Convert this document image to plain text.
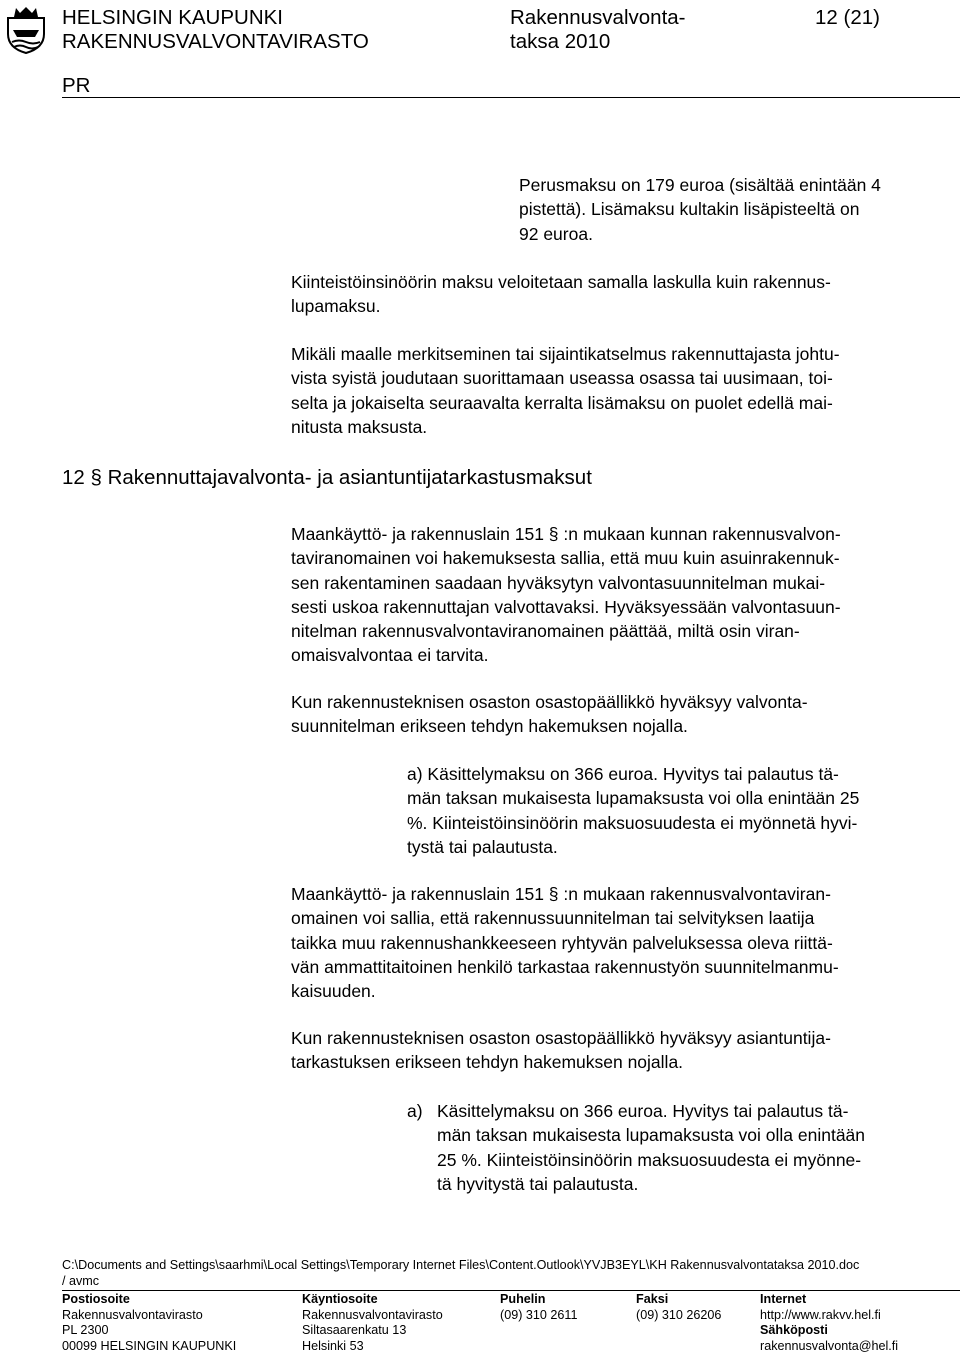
HELSINGIN KAUPUNKI
RAKENNUSVALVONTAVIRASTO
Rakennusvalvonta-
taksa 2010
12 (21)
PR
Perusmaksu on 179 euroa (sisältää enintään 4
pistettä). Lisämaksu kultakin lisäpisteeltä on
92 euroa.
Kiinteistöinsinöörin maksu veloitetaan samalla laskulla kuin rakennus-
lupamaksu.
Mikäli maalle merkitseminen tai sijaintikatselmus rakennuttajasta johtu-
vista syistä joudutaan suorittamaan useassa osassa tai uusimaan, toi-
selta ja jokaiselta seuraavalta kerralta lisämaksu on puolet edellä mai-
nitusta maksusta.
12 § Rakennuttajavalvonta- ja asiantuntijatarkastusmaksut
Maankäyttö- ja rakennuslain 151 § :n mukaan kunnan rakennusvalvon-
taviranomainen voi hakemuksesta sallia, että muu kuin asuinrakennuk-
sen rakentaminen saadaan hyväksytyn valvontasuunnitelman mukai-
sesti uskoa rakennuttajan valvottavaksi. Hyväksyessään valvontasuun-
nitelman rakennusvalvontaviranomainen päättää, miltä osin viran-
omaisvalvontaa ei tarvita.
Kun rakennusteknisen osaston osastopäällikkö hyväksyy valvonta-
suunnitelman erikseen tehdyn hakemuksen nojalla.
a) Käsittelymaksu on 366 euroa. Hyvitys tai palautus tä-
män taksan mukaisesta lupamaksusta voi olla enintään 25
%. Kiinteistöinsinöörin maksuosuudesta ei myönnetä hyvi-
tystä tai palautusta.
Maankäyttö- ja rakennuslain 151 § :n mukaan rakennusvalvontaviran-
omainen voi sallia, että rakennussuunnitelman tai selvityksen laatija
taikka muu rakennushankkeeseen ryhtyvän palveluksessa oleva riittä-
vän ammattitaitoinen henkilö tarkastaa rakennustyön suunnitelmanmu-
kaisuuden.
Kun rakennusteknisen osaston osastopäällikkö hyväksyy asiantuntija-
tarkastuksen erikseen tehdyn hakemuksen nojalla.
a) Käsittelymaksu on 366 euroa. Hyvitys tai palautus tä-
män taksan mukaisesta lupamaksusta voi olla enintään
25 %. Kiinteistöinsinöörin maksuosuudesta ei myönne-
tä hyvitystä tai palautusta.
C:\Documents and Settings\saarhmi\Local Settings\Temporary Internet Files\Content.Outlook\YVJB3EYL\KH Rakennusvalvontataksa 2010.doc
/ avmc
Postiosoite
Rakennusvalvontavirasto
PL 2300
00099 HELSINGIN KAUPUNKI
Käyntiosoite
Rakennusvalvontavirasto
Siltasaarenkatu 13
Helsinki 53
Puhelin
(09) 310 2611
Faksi
(09) 310 26206
Internet
http://www.rakvv.hel.fi
Sähköposti
rakennusvalvonta@hel.fi
